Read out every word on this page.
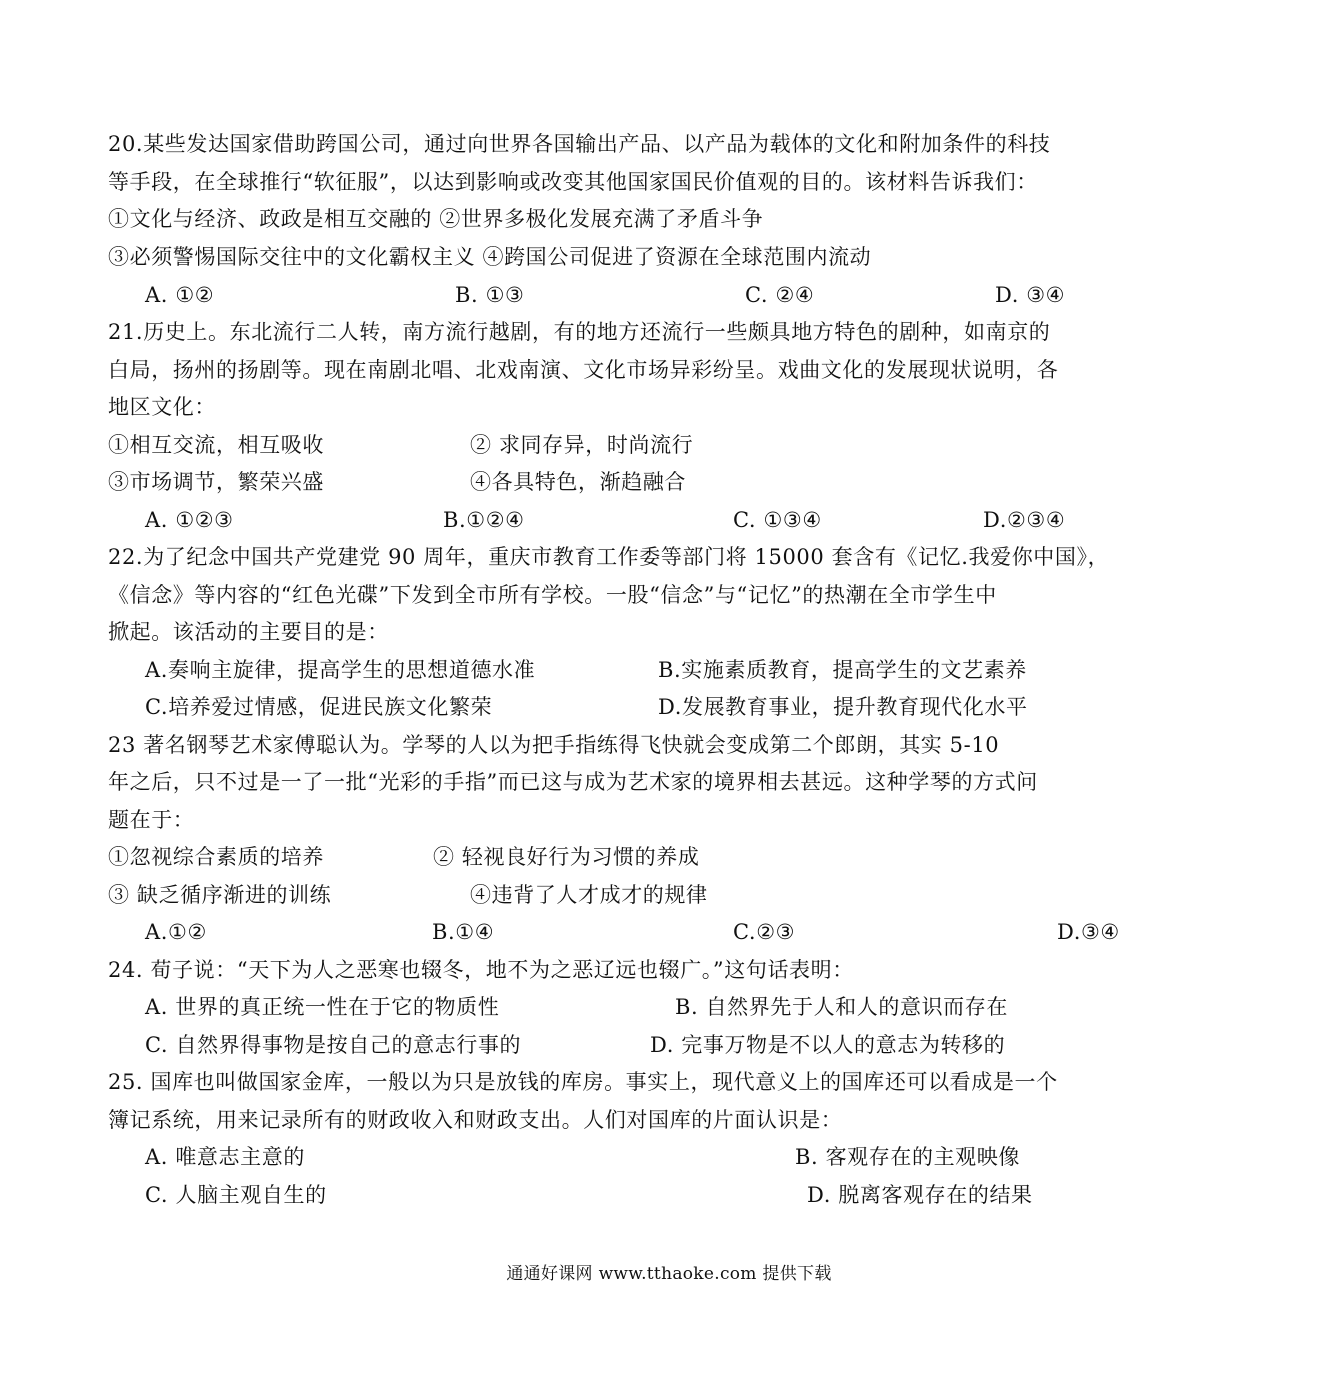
20.某些发达国家借助跨国公司，通过向世界各国输出产品、以产品为载体的文化和附加条件的科技
等手段，在全球推行“软征服”，以达到影响或改变其他国家国民价值观的目的。该材料告诉我们：
①文化与经济、政政是相互交融的 ②世界多极化发展充满了矛盾斗争
③必须警惕国际交往中的文化霸权主义 ④跨国公司促进了资源在全球范围内流动
A. ①②	B. ①③	C. ②④	D. ③④
21.历史上。东北流行二人转，南方流行越剧，有的地方还流行一些颇具地方特色的剧种，如南京的
白局，扬州的扬剧等。现在南剧北唱、北戏南演、文化市场异彩纷呈。戏曲文化的发展现状说明，各
地区文化：
①相互交流，相互吸收	② 求同存异，时尚流行
③市场调节，繁荣兴盛	④各具特色，渐趋融合
A. ①②③	B.①②④	C. ①③④	D.②③④
22.为了纪念中国共产党建党 90 周年，重庆市教育工作委等部门将 15000 套含有《记忆.我爱你中国》，
《信念》等内容的“红色光碟”下发到全市所有学校。一股“信念”与“记忆”的热潮在全市学生中
掀起。该活动的主要目的是：
A.奏响主旋律，提高学生的思想道德水准	B.实施素质教育，提高学生的文艺素养
C.培养爱过情感，促进民族文化繁荣	D.发展教育事业，提升教育现代化水平
23 著名钢琴艺术家傅聪认为。学琴的人以为把手指练得飞快就会变成第二个郎朗，其实 5-10
年之后，只不过是一了一批“光彩的手指”而已这与成为艺术家的境界相去甚远。这种学琴的方式问
题在于：
①忽视综合素质的培养	② 轻视良好行为习惯的养成
③ 缺乏循序渐进的训练	④违背了人才成才的规律
A.①②	B.①④	C.②③	D.③④
24. 荀子说：“天下为人之恶寒也辍冬，地不为之恶辽远也辍广。”这句话表明：
A. 世界的真正统一性在于它的物质性	B. 自然界先于人和人的意识而存在
C. 自然界得事物是按自己的意志行事的	D. 完事万物是不以人的意志为转移的
25. 国库也叫做国家金库，一般以为只是放钱的库房。事实上，现代意义上的国库还可以看成是一个
簿记系统，用来记录所有的财政收入和财政支出。人们对国库的片面认识是：
A. 唯意志主意的	B. 客观存在的主观映像
C. 人脑主观自生的	D. 脱离客观存在的结果
通通好课网 www.tthaoke.com 提供下载
